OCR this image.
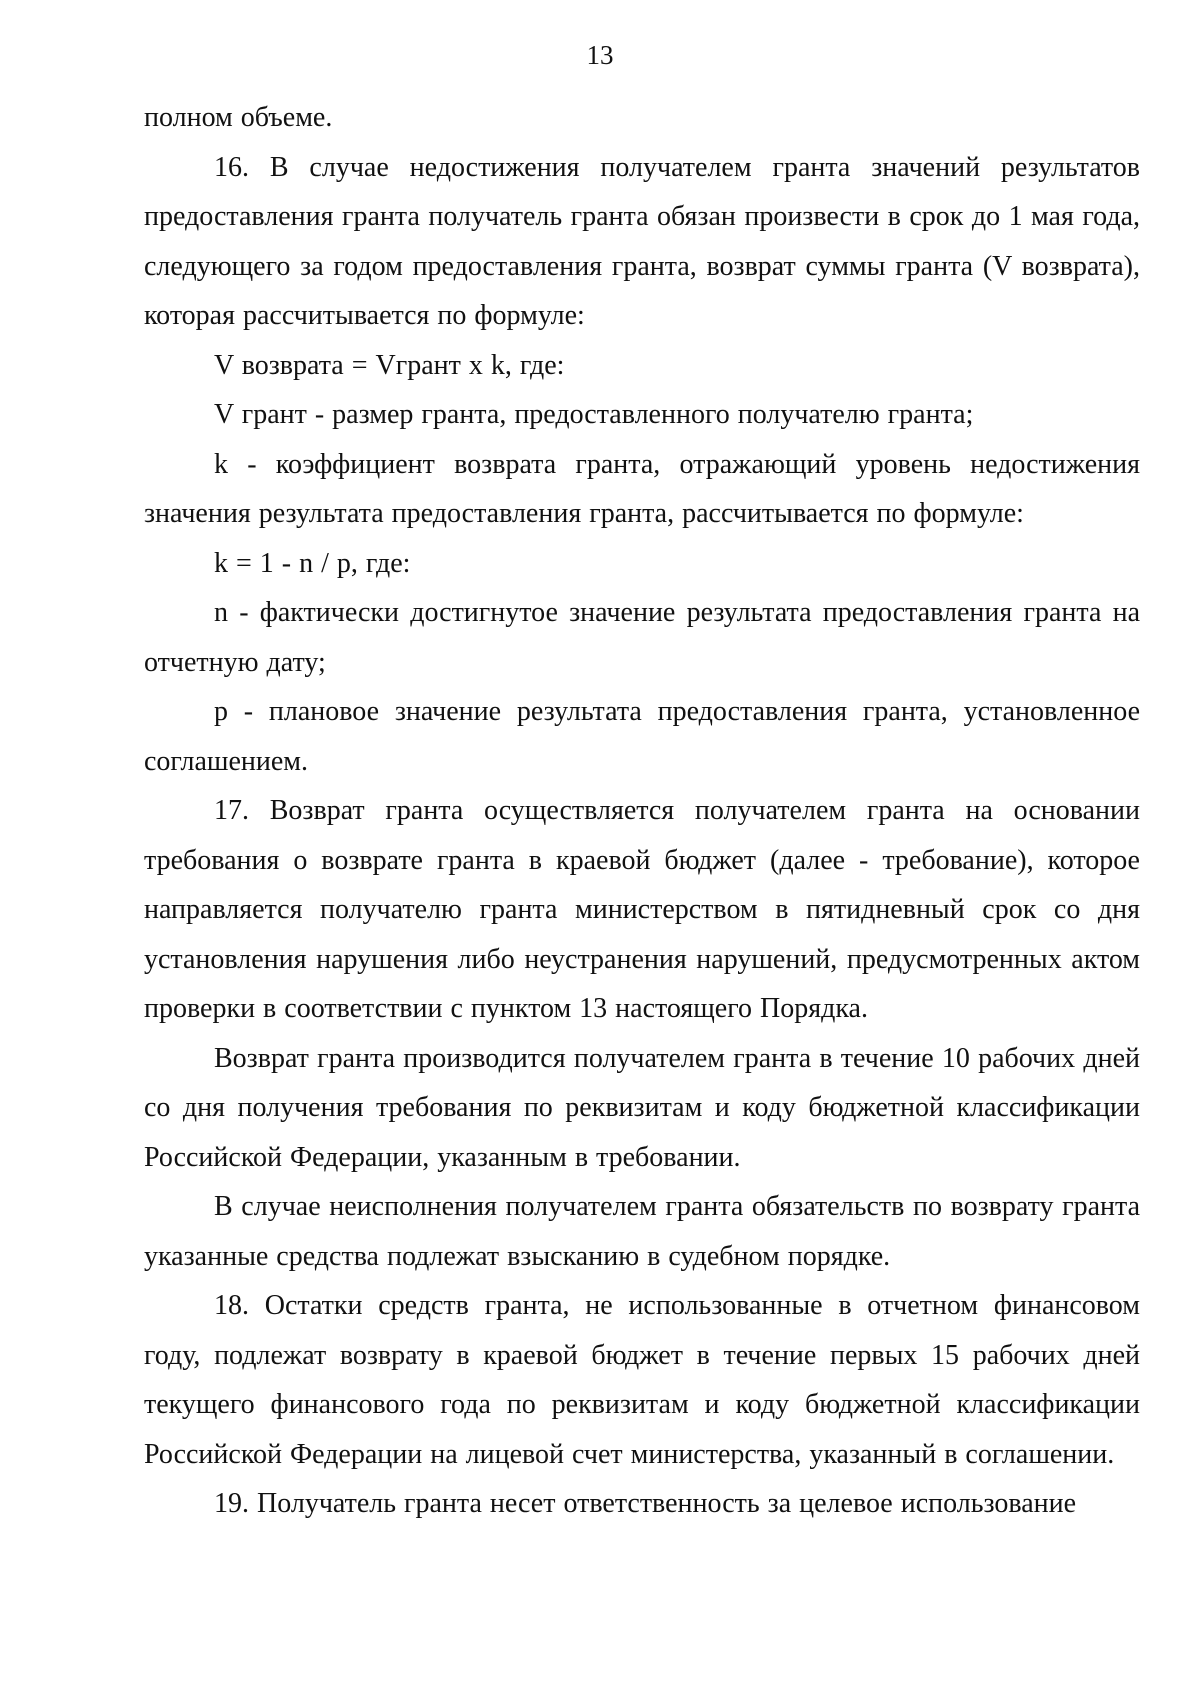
13

полном объеме.

16. В случае недостижения получателем гранта значений результатов предоставления гранта получатель гранта обязан произвести в срок до 1 мая года, следующего за годом предоставления гранта, возврат суммы гранта (V возврата), которая рассчитывается по формуле:

V возврата = Vгрант х k, где:

V грант - размер гранта, предоставленного получателю гранта;

k - коэффициент возврата гранта, отражающий уровень недостижения значения результата предоставления гранта, рассчитывается по формуле:

k = 1 - n / p, где:

n - фактически достигнутое значение результата предоставления гранта на отчетную дату;

p - плановое значение результата предоставления гранта, установленное соглашением.

17. Возврат гранта осуществляется получателем гранта на основании требования о возврате гранта в краевой бюджет (далее - требование), которое направляется получателю гранта министерством в пятидневный срок со дня установления нарушения либо неустранения нарушений, предусмотренных актом проверки в соответствии с пунктом 13 настоящего Порядка.

Возврат гранта производится получателем гранта в течение 10 рабочих дней со дня получения требования по реквизитам и коду бюджетной классификации Российской Федерации, указанным в требовании.

В случае неисполнения получателем гранта обязательств по возврату гранта указанные средства подлежат взысканию в судебном порядке.

18. Остатки средств гранта, не использованные в отчетном финансовом году, подлежат возврату в краевой бюджет в течение первых 15 рабочих дней текущего финансового года по реквизитам и коду бюджетной классификации Российской Федерации на лицевой счет министерства, указанный в соглашении.

19. Получатель гранта несет ответственность за целевое использование
